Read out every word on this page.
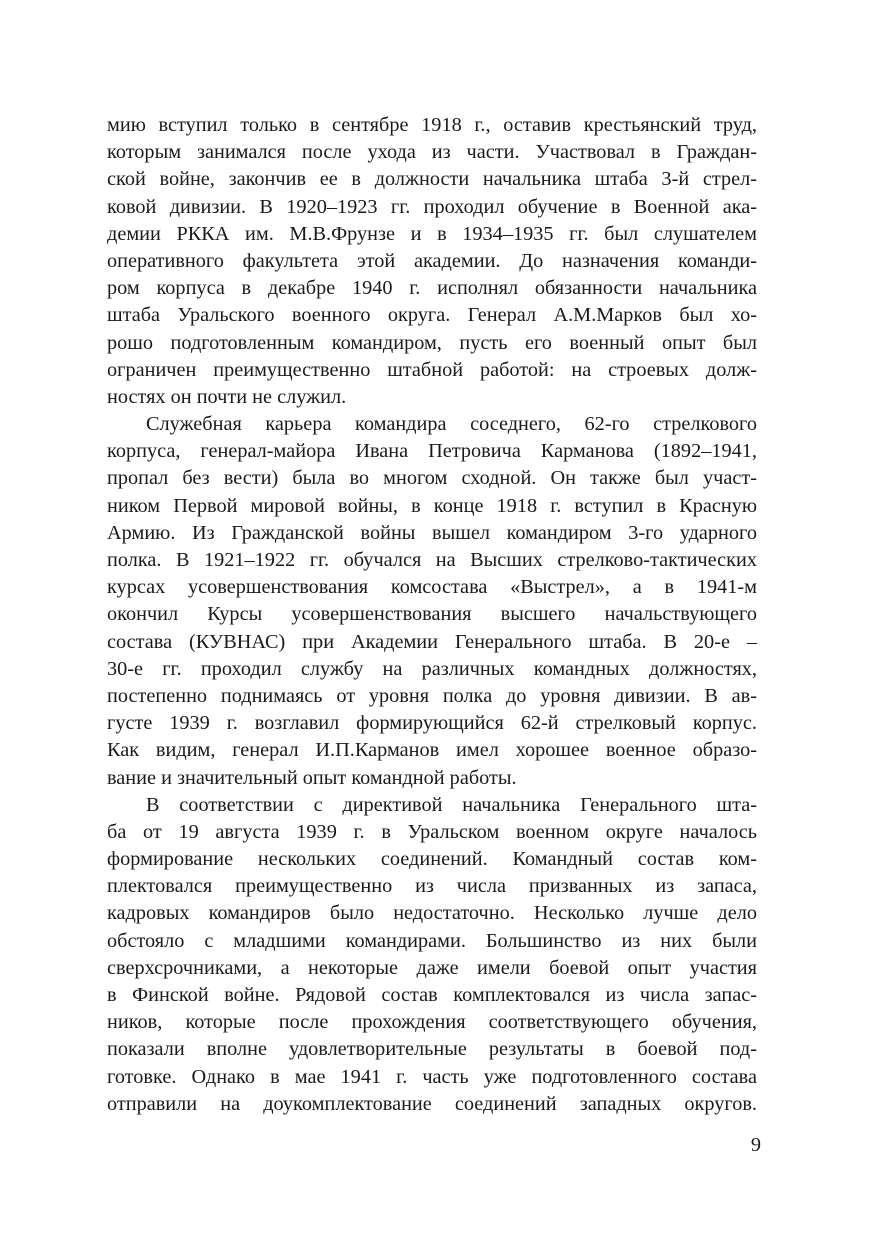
мию вступил только в сентябре 1918 г., оставив крестьянский труд,
которым занимался после ухода из части. Участвовал в Граждан-
ской войне, закончив ее в должности начальника штаба 3-й стрел-
ковой дивизии. В 1920–1923 гг. проходил обучение в Военной ака-
демии РККА им. М.В.Фрунзе и в 1934–1935 гг. был слушателем
оперативного факультета этой академии. До назначения команди-
ром корпуса в декабре 1940 г. исполнял обязанности начальника
штаба Уральского военного округа. Генерал А.М.Марков был хо-
рошо подготовленным командиром, пусть его военный опыт был
ограничен преимущественно штабной работой: на строевых долж-
ностях он почти не служил.
Служебная карьера командира соседнего, 62-го стрелкового
корпуса, генерал-майора Ивана Петровича Карманова (1892–1941,
пропал без вести) была во многом сходной. Он также был участ-
ником Первой мировой войны, в конце 1918 г. вступил в Красную
Армию. Из Гражданской войны вышел командиром 3-го ударного
полка. В 1921–1922 гг. обучался на Высших стрелково-тактических
курсах усовершенствования комсостава «Выстрел», а в 1941-м
окончил Курсы усовершенствования высшего начальствующего
состава (КУВНАС) при Академии Генерального штаба. В 20-е –
30-е гг. проходил службу на различных командных должностях,
постепенно поднимаясь от уровня полка до уровня дивизии. В ав-
густе 1939 г. возглавил формирующийся 62-й стрелковый корпус.
Как видим, генерал И.П.Карманов имел хорошее военное образо-
вание и значительный опыт командной работы.
В соответствии с директивой начальника Генерального шта-
ба от 19 августа 1939 г. в Уральском военном округе началось
формирование нескольких соединений. Командный состав ком-
плектовался преимущественно из числа призванных из запаса,
кадровых командиров было недостаточно. Несколько лучше дело
обстояло с младшими командирами. Большинство из них были
сверхсрочниками, а некоторые даже имели боевой опыт участия
в Финской войне. Рядовой состав комплектовался из числа запас-
ников, которые после прохождения соответствующего обучения,
показали вполне удовлетворительные результаты в боевой под-
готовке. Однако в мае 1941 г. часть уже подготовленного состава
отправили на доукомплектование соединений западных округов.
9
